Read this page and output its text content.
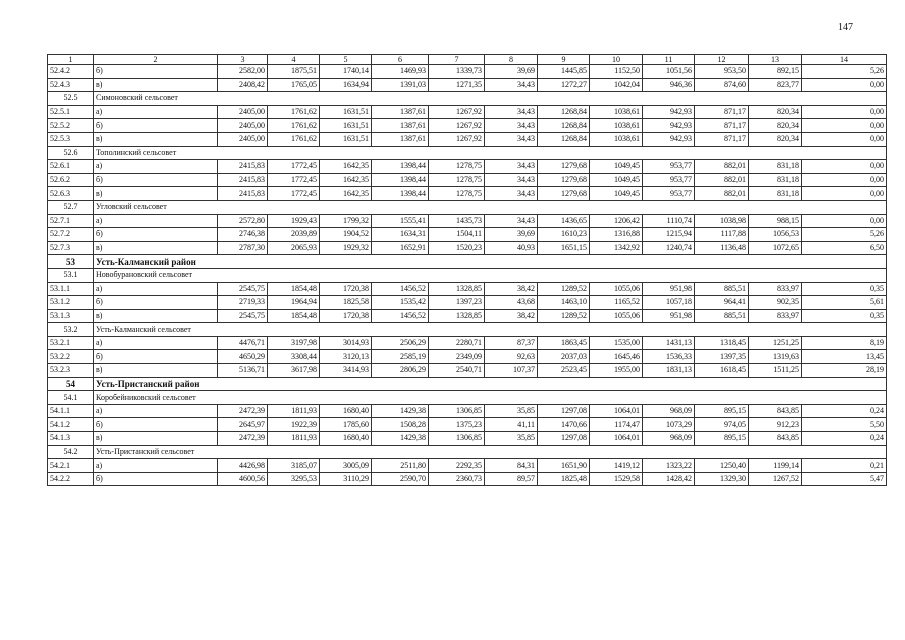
147
1	2	3	4	5	6	7	8	9	10	11	12	13	14
52.4.2	б)	2582,00	1875,51	1740,14	1469,93	1339,73	39,69	1445,85	1152,50	1051,56	953,50	892,15	5,26
52.4.3	в)	2408,42	1765,05	1634,94	1391,03	1271,35	34,43	1272,27	1042,04	946,36	874,60	823,77	0,00
52.5	Симоновский сельсовет												
52.5.1	а)	2405,00	1761,62	1631,51	1387,61	1267,92	34,43	1268,84	1038,61	942,93	871,17	820,34	0,00
52.5.2	б)	2405,00	1761,62	1631,51	1387,61	1267,92	34,43	1268,84	1038,61	942,93	871,17	820,34	0,00
52.5.3	в)	2405,00	1761,62	1631,51	1387,61	1267,92	34,43	1268,84	1038,61	942,93	871,17	820,34	0,00
52.6	Тополинский сельсовет												
52.6.1	а)	2415,83	1772,45	1642,35	1398,44	1278,75	34,43	1279,68	1049,45	953,77	882,01	831,18	0,00
52.6.2	б)	2415,83	1772,45	1642,35	1398,44	1278,75	34,43	1279,68	1049,45	953,77	882,01	831,18	0,00
52.6.3	в)	2415,83	1772,45	1642,35	1398,44	1278,75	34,43	1279,68	1049,45	953,77	882,01	831,18	0,00
52.7	Угловский сельсовет												
52.7.1	а)	2572,80	1929,43	1799,32	1555,41	1435,73	34,43	1436,65	1206,42	1110,74	1038,98	988,15	0,00
52.7.2	б)	2746,38	2039,89	1904,52	1634,31	1504,11	39,69	1610,23	1316,88	1215,94	1117,88	1056,53	5,26
52.7.3	в)	2787,30	2065,93	1929,32	1652,91	1520,23	40,93	1651,15	1342,92	1240,74	1136,48	1072,65	6,50
53	Усть-Калманский район												
53.1	Новобурановский сельсовет												
53.1.1	а)	2545,75	1854,48	1720,38	1456,52	1328,85	38,42	1289,52	1055,06	951,98	885,51	833,97	0,35
53.1.2	б)	2719,33	1964,94	1825,58	1535,42	1397,23	43,68	1463,10	1165,52	1057,18	964,41	902,35	5,61
53.1.3	в)	2545,75	1854,48	1720,38	1456,52	1328,85	38,42	1289,52	1055,06	951,98	885,51	833,97	0,35
53.2	Усть-Калманский сельсовет												
53.2.1	а)	4476,71	3197,98	3014,93	2506,29	2280,71	87,37	1863,45	1535,00	1431,13	1318,45	1251,25	8,19
53.2.2	б)	4650,29	3308,44	3120,13	2585,19	2349,09	92,63	2037,03	1645,46	1536,33	1397,35	1319,63	13,45
53.2.3	в)	5136,71	3617,98	3414,93	2806,29	2540,71	107,37	2523,45	1955,00	1831,13	1618,45	1511,25	28,19
54	Усть-Пристанский район												
54.1	Коробейниковский сельсовет												
54.1.1	а)	2472,39	1811,93	1680,40	1429,38	1306,85	35,85	1297,08	1064,01	968,09	895,15	843,85	0,24
54.1.2	б)	2645,97	1922,39	1785,60	1508,28	1375,23	41,11	1470,66	1174,47	1073,29	974,05	912,23	5,50
54.1.3	в)	2472,39	1811,93	1680,40	1429,38	1306,85	35,85	1297,08	1064,01	968,09	895,15	843,85	0,24
54.2	Усть-Пристанский сельсовет												
54.2.1	а)	4426,98	3185,07	3005,09	2511,80	2292,35	84,31	1651,90	1419,12	1323,22	1250,40	1199,14	0,21
54.2.2	б)	4600,56	3295,53	3110,29	2590,70	2360,73	89,57	1825,48	1529,58	1428,42	1329,30	1267,52	5,47
